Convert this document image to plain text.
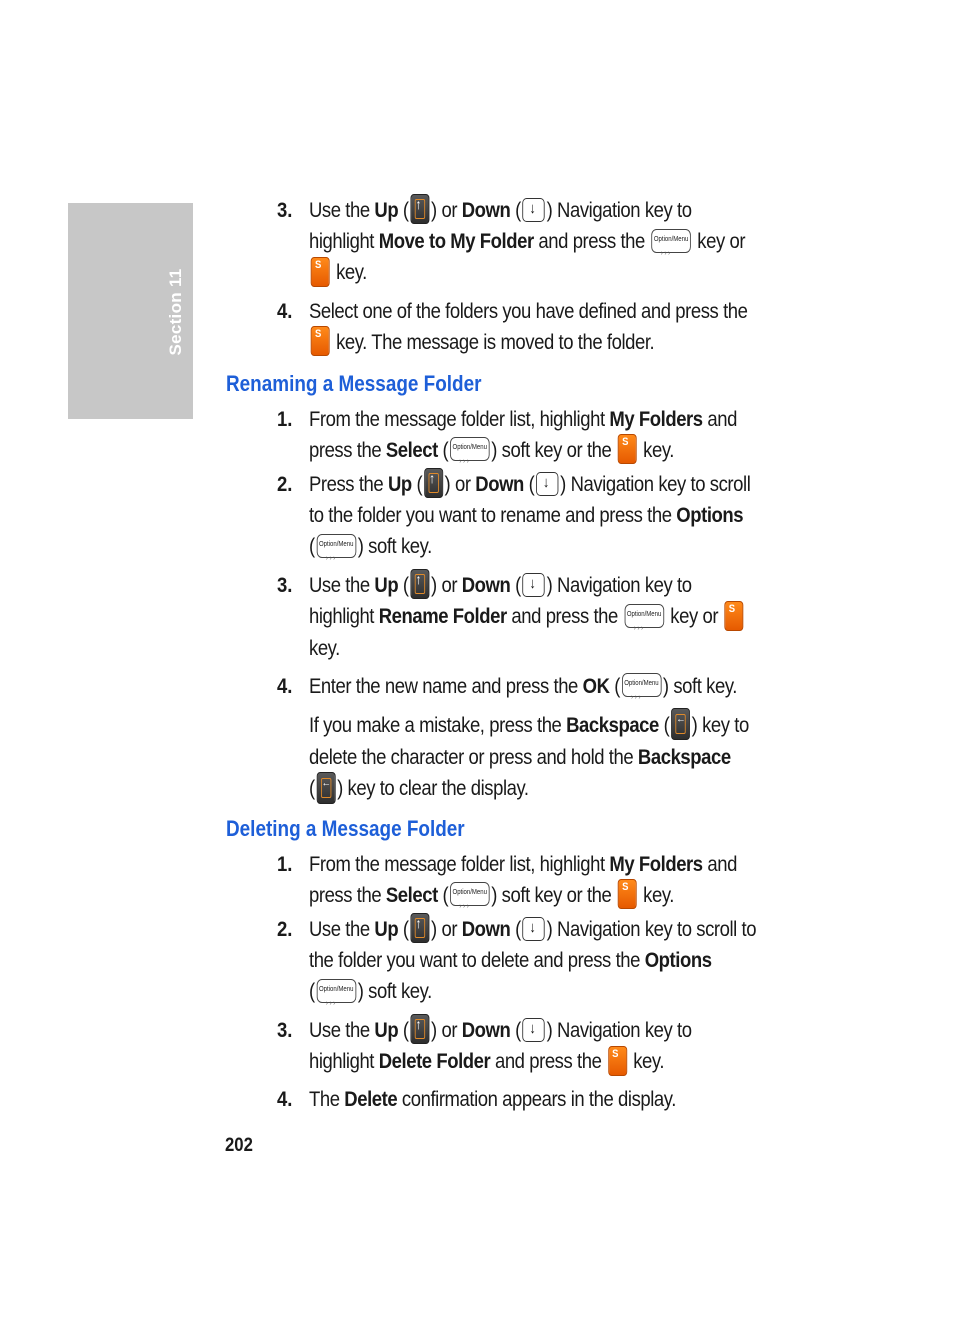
Section 11
3. Use the Up ( ↑ ) or Down ( ↓ ) Navigation key to
highlight Move to My Folder and press the Option/Menu › › › key or
S key.
4. Select one of the folders you have defined and press the
S key. The message is moved to the folder.
Renaming a Message Folder
1. From the message folder list, highlight My Folders and
press the Select ( Option/Menu › › › ) soft key or the S key.
2. Press the Up ( ↑ ) or Down ( ↓ ) Navigation key to scroll
to the folder you want to rename and press the Options
( Option/Menu › › › ) soft key.
3. Use the Up ( ↑ ) or Down ( ↓ ) Navigation key to
highlight Rename Folder and press the Option/Menu › › › key or S
key.
4. Enter the new name and press the OK ( Option/Menu › › › ) soft key.
If you make a mistake, press the Backspace ( ← ) key to
delete the character or press and hold the Backspace
( ← ) key to clear the display.
Deleting a Message Folder
1. From the message folder list, highlight My Folders and
press the Select ( Option/Menu › › › ) soft key or the S key.
2. Use the Up ( ↑ ) or Down ( ↓ ) Navigation key to scroll to
the folder you want to delete and press the Options
( Option/Menu › › › ) soft key.
3. Use the Up ( ↑ ) or Down ( ↓ ) Navigation key to
highlight Delete Folder and press the S key.
4. The Delete confirmation appears in the display.
202
